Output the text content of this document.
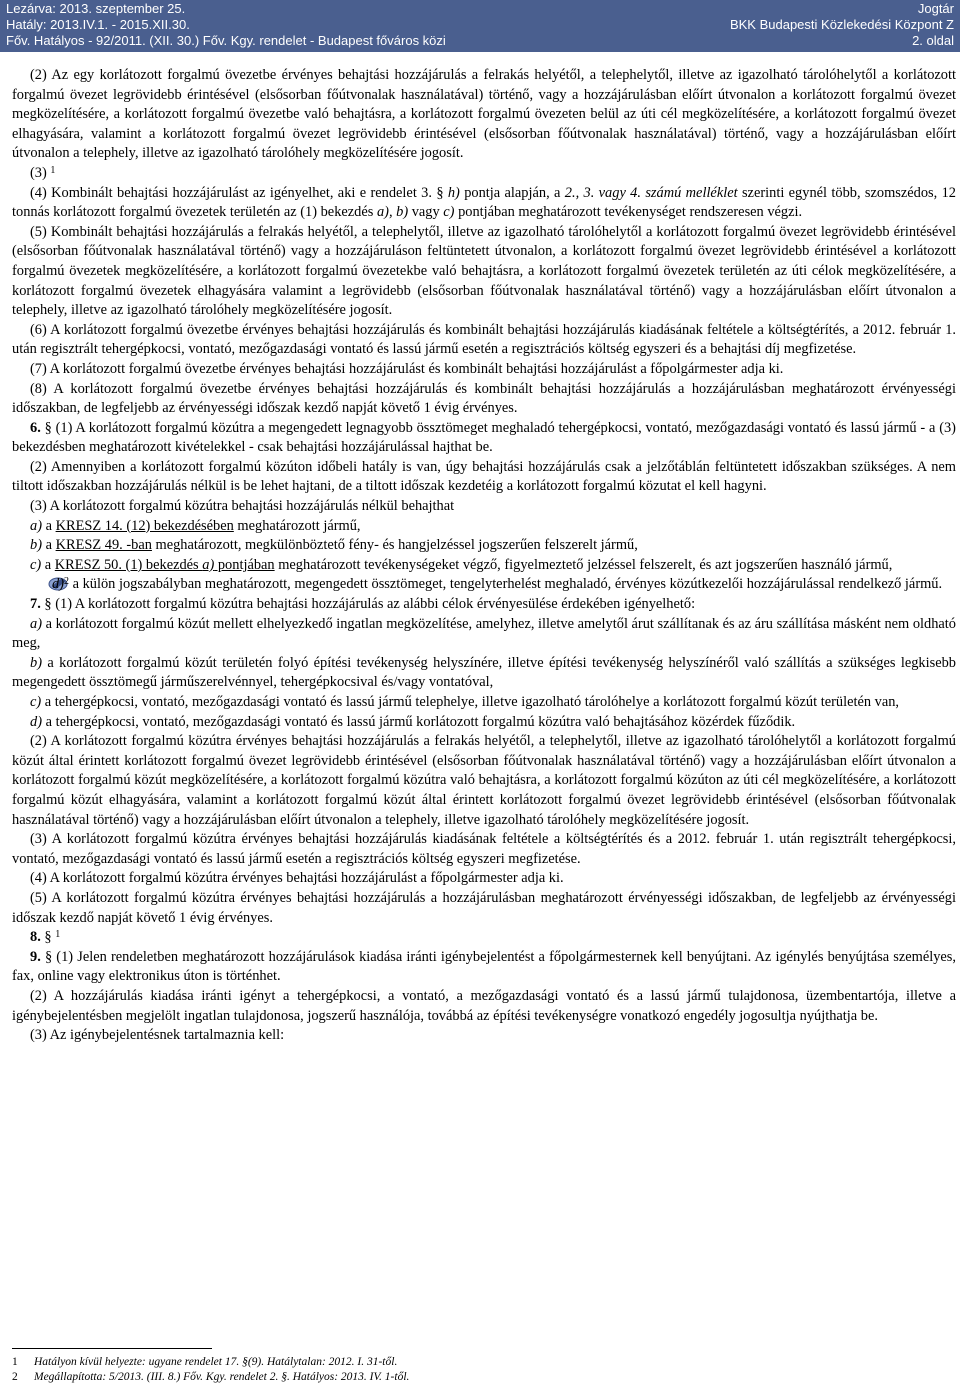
Lezárva: 2013. szeptember 25.
Hatály: 2013.IV.1. - 2015.XII.30.
Főv. Hatályos - 92/2011. (XII. 30.) Főv. Kgy. rendelet - Budapest főváros közi
Jogtár
BKK Budapesti Közlekedési Központ Z
2. oldal

(2) Az egy korlátozott forgalmú övezetbe érvényes behajtási hozzájárulás a felrakás helyétől, a telephelytől, illetve az igazolható tárolóhelytől a korlátozott forgalmú övezet legrövidebb érintésével (elsősorban főútvonalak használatával) történő, vagy a hozzájárulásban előírt útvonalon a korlátozott forgalmú övezet megközelítésére, a korlátozott forgalmú övezetbe való behajtásra, a korlátozott forgalmú övezeten belül az úti cél megközelítésére, a korlátozott forgalmú övezet elhagyására, valamint a korlátozott forgalmú övezet legrövidebb érintésével (elsősorban főútvonalak használatával) történő, vagy a hozzájárulásban előírt útvonalon a telephely, illetve az igazolható tárolóhely megközelítésére jogosít.

(3) $^1$

(4) Kombinált behajtási hozzájárulást az igényelhet, aki e rendelet 3. § h) pontja alapján, a 2., 3. vagy 4. számú melléklet szerinti egynél több, szomszédos, 12 tonnás korlátozott forgalmú övezetek területén az (1) bekezdés a), b) vagy c) pontjában meghatározott tevékenységet rendszeresen végzi.

(5) Kombinált behajtási hozzájárulás a felrakás helyétől, a telephelytől, illetve az igazolható tárolóhelytől a korlátozott forgalmú övezet legrövidebb érintésével (elsősorban főútvonalak használatával történő) vagy a hozzájáruláson feltüntetett útvonalon, a korlátozott forgalmú övezet legrövidebb érintésével a korlátozott forgalmú övezetek megközelítésére, a korlátozott forgalmú övezetekbe való behajtásra, a korlátozott forgalmú övezetek területén az úti célok megközelítésére, a korlátozott forgalmú övezetek elhagyására valamint a legrövidebb (elsősorban főútvonalak használatával történő) vagy a hozzájárulásban előírt útvonalon a telephely, illetve az igazolható tárolóhely megközelítésére jogosít.

(6) A korlátozott forgalmú övezetbe érvényes behajtási hozzájárulás és kombinált behajtási hozzájárulás kiadásának feltétele a költségtérítés, a 2012. február 1. után regisztrált tehergépkocsi, vontató, mezőgazdasági vontató és lassú jármű esetén a regisztrációs költség egyszeri és a behajtási díj megfizetése.

(7) A korlátozott forgalmú övezetbe érvényes behajtási hozzájárulást és kombinált behajtási hozzájárulást a főpolgármester adja ki.

(8) A korlátozott forgalmú övezetbe érvényes behajtási hozzájárulás és kombinált behajtási hozzájárulás a hozzájárulásban meghatározott érvényességi időszakban, de legfeljebb az érvényességi időszak kezdő napját követő 1 évig érvényes.

6. § (1) A korlátozott forgalmú közútra a megengedett legnagyobb össztömeget meghaladó tehergépkocsi, vontató, mezőgazdasági vontató és lassú jármű - a (3) bekezdésben meghatározott kivételekkel - csak behajtási hozzájárulással hajthat be.

(2) Amennyiben a korlátozott forgalmú közúton időbeli hatály is van, úgy behajtási hozzájárulás csak a jelzőtáblán feltüntetett időszakban szükséges. A nem tiltott időszakban hozzájárulás nélkül is be lehet hajtani, de a tiltott időszak kezdetéig a korlátozott forgalmú közutat el kell hagyni.

(3) A korlátozott forgalmú közútra behajtási hozzájárulás nélkül behajthat

a) a KRESZ 14. (12) bekezdésében meghatározott jármű,

b) a KRESZ 49. -ban meghatározott, megkülönböztető fény- és hangjelzéssel jogszerűen felszerelt jármű,

c) a KRESZ 50. (1) bekezdés a) pontjában meghatározott tevékenységeket végző, figyelmeztető jelzéssel felszerelt, és azt jogszerűen használó jármű,

d)$^2$ a külön jogszabályban meghatározott, megengedett össztömeget, tengelyterhelést meghaladó, érvényes közútkezelői hozzájárulással rendelkező jármű.

7. § (1) A korlátozott forgalmú közútra behajtási hozzájárulás az alábbi célok érvényesülése érdekében igényelhető:

a) a korlátozott forgalmú közút mellett elhelyezkedő ingatlan megközelítése, amelyhez, illetve amelytől árut szállítanak és az áru szállítása másként nem oldható meg,

b) a korlátozott forgalmú közút területén folyó építési tevékenység helyszínére, illetve építési tevékenység helyszínéről való szállítás a szükséges legkisebb megengedett össztömegű járműszerelvénnyel, tehergépkocsival és/vagy vontatóval,

c) a tehergépkocsi, vontató, mezőgazdasági vontató és lassú jármű telephelye, illetve igazolható tárolóhelye a korlátozott forgalmú közút területén van,

d) a tehergépkocsi, vontató, mezőgazdasági vontató és lassú jármű korlátozott forgalmú közútra való behajtásához közérdek fűződik.

(2) A korlátozott forgalmú közútra érvényes behajtási hozzájárulás a felrakás helyétől, a telephelytől, illetve az igazolható tárolóhelytől a korlátozott forgalmú közút által érintett korlátozott forgalmú övezet legrövidebb érintésével (elsősorban főútvonalak használatával történő) vagy a hozzájárulásban előírt útvonalon a korlátozott forgalmú közút megközelítésére, a korlátozott forgalmú közútra való behajtásra, a korlátozott forgalmú közúton az úti cél megközelítésére, a korlátozott forgalmú közút elhagyására, valamint a korlátozott forgalmú közút által érintett korlátozott forgalmú övezet legrövidebb érintésével (elsősorban főútvonalak használatával történő) vagy a hozzájárulásban előírt útvonalon a telephely, illetve igazolható tárolóhely megközelítésére jogosít.

(3) A korlátozott forgalmú közútra érvényes behajtási hozzájárulás kiadásának feltétele a költségtérítés és a 2012. február 1. után regisztrált tehergépkocsi, vontató, mezőgazdasági vontató és lassú jármű esetén a regisztrációs költség egyszeri megfizetése.

(4) A korlátozott forgalmú közútra érvényes behajtási hozzájárulást a főpolgármester adja ki.

(5) A korlátozott forgalmú közútra érvényes behajtási hozzájárulás a hozzájárulásban meghatározott érvényességi időszakban, de legfeljebb az érvényességi időszak kezdő napját követő 1 évig érvényes.

8. § $^1$

9. § (1) Jelen rendeletben meghatározott hozzájárulások kiadása iránti igénybejelentést a főpolgármesternek kell benyújtani. Az igénylés benyújtása személyes, fax, online vagy elektronikus úton is történhet.

(2) A hozzájárulás kiadása iránti igényt a tehergépkocsi, a vontató, a mezőgazdasági vontató és a lassú jármű tulajdonosa, üzembentartója, illetve a igénybejelentésben megjelölt ingatlan tulajdonosa, jogszerű használója, továbbá az építési tevékenységre vonatkozó engedély jogosultja nyújthatja be.

(3) Az igénybejelentésnek tartalmaznia kell:

1 Hatályon kívül helyezte: ugyane rendelet 17. §(9). Hatálytalan: 2012. I. 31-től.
2 Megállapította: 5/2013. (III. 8.) Főv. Kgy. rendelet 2. §. Hatályos: 2013. IV. 1-től.
